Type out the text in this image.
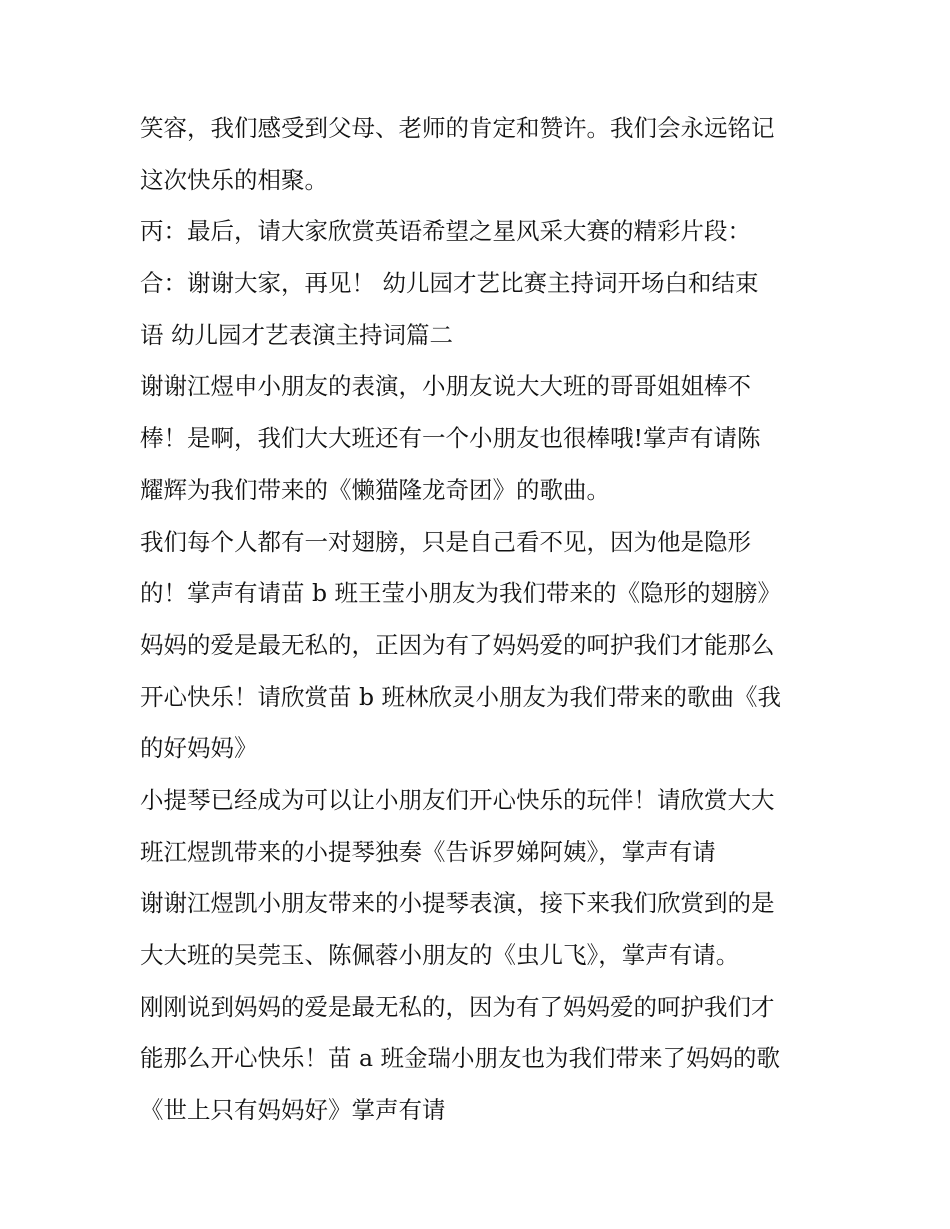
笑容，我们感受到父母、老师的肯定和赞许。我们会永远铭记
这次快乐的相聚。
丙：最后，请大家欣赏英语希望之星风采大赛的精彩片段：
合：谢谢大家，再见！ 幼儿园才艺比赛主持词开场白和结束
语 幼儿园才艺表演主持词篇二
谢谢江煜申小朋友的表演，小朋友说大大班的哥哥姐姐棒不
棒！是啊，我们大大班还有一个小朋友也很棒哦!掌声有请陈
耀辉为我们带来的《懒猫隆龙奇团》的歌曲。
我们每个人都有一对翅膀，只是自己看不见，因为他是隐形
的！掌声有请苗 b 班王莹小朋友为我们带来的《隐形的翅膀》
妈妈的爱是最无私的，正因为有了妈妈爱的呵护我们才能那么
开心快乐！请欣赏苗 b 班林欣灵小朋友为我们带来的歌曲《我
的好妈妈》
小提琴已经成为可以让小朋友们开心快乐的玩伴！请欣赏大大
班江煜凯带来的小提琴独奏《告诉罗娣阿姨》，掌声有请
谢谢江煜凯小朋友带来的小提琴表演，接下来我们欣赏到的是
大大班的吴莞玉、陈佩蓉小朋友的《虫儿飞》，掌声有请。
刚刚说到妈妈的爱是最无私的，因为有了妈妈爱的呵护我们才
能那么开心快乐！苗 a 班金瑞小朋友也为我们带来了妈妈的歌
《世上只有妈妈好》掌声有请
